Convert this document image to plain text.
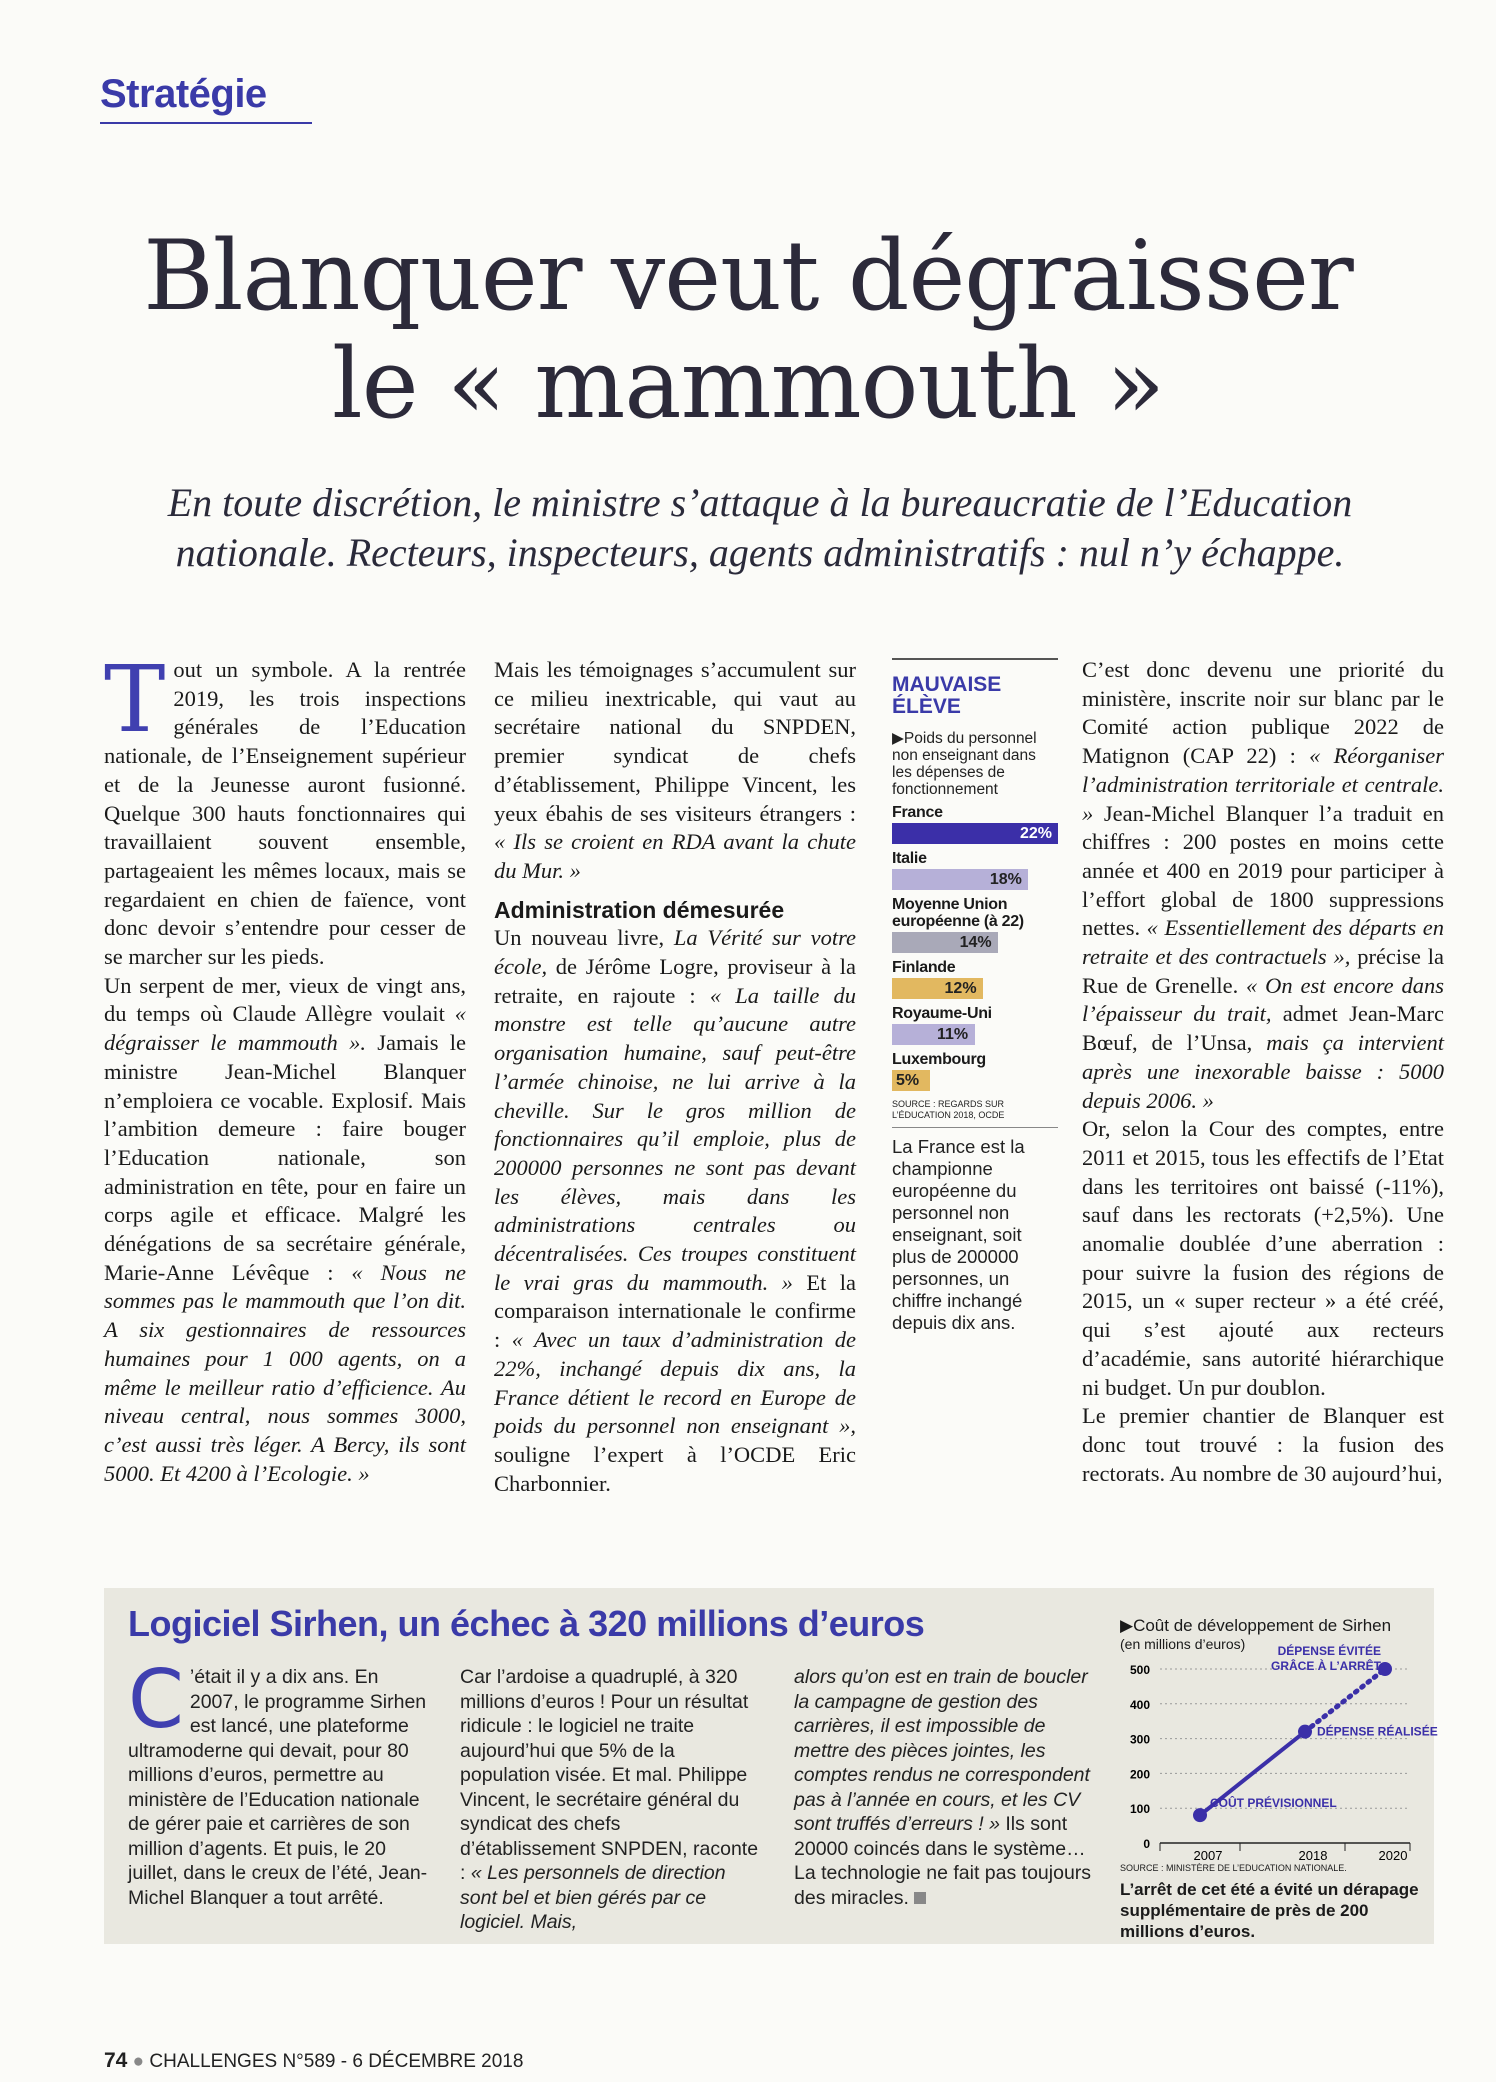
Stratégie
Blanquer veut dégraisser
le « mammouth »
En toute discrétion, le ministre s’attaque à la bureaucratie de l’Education nationale. Recteurs, inspecteurs, agents administratifs : nul n’y échappe.

T out un symbole. A la rentrée 2019, les trois inspections générales de l’Education nationale, de l’Enseignement supérieur et de la Jeunesse auront fusionné. Quelque 300 hauts fonctionnaires qui travaillaient souvent ensemble, partageaient les mêmes locaux, mais se regardaient en chien de faïence, vont donc devoir s’entendre pour cesser de se marcher sur les pieds.

Un serpent de mer, vieux de vingt ans, du temps où Claude Allègre voulait « dégraisser le mammouth ». Jamais le ministre Jean-Michel Blanquer n’emploiera ce vocable. Explosif. Mais l’ambition demeure : faire bouger l’Education nationale, son administration en tête, pour en faire un corps agile et efficace. Malgré les dénégations de sa secrétaire générale, Marie-Anne Lévêque : « Nous ne sommes pas le mammouth que l’on dit. A six gestionnaires de ressources humaines pour 1 000 agents, on a même le meilleur ratio d’efficience. Au niveau central, nous sommes 3000, c’est aussi très léger. A Bercy, ils sont 5000. Et 4200 à l’Ecologie. »

Mais les témoignages s’accumulent sur ce milieu inextricable, qui vaut au secrétaire national du SNPDEN, premier syndicat de chefs d’établissement, Philippe Vincent, les yeux ébahis de ses visiteurs étrangers : « Ils se croient en RDA avant la chute du Mur. »

Administration démesurée

Un nouveau livre, La Vérité sur votre école, de Jérôme Logre, proviseur à la retraite, en rajoute : « La taille du monstre est telle qu’aucune autre organisation humaine, sauf peut-être l’armée chinoise, ne lui arrive à la cheville. Sur le gros million de fonctionnaires qu’il emploie, plus de 200000 personnes ne sont pas devant les élèves, mais dans les administrations centrales ou décentralisées. Ces troupes constituent le vrai gras du mammouth. » Et la comparaison internationale le confirme : « Avec un taux d’administration de 22%, inchangé depuis dix ans, la France détient le record en Europe de poids du personnel non enseignant », souligne l’expert à l’OCDE Eric Charbonnier.

MAUVAISE ÉLÈVE
▶Poids du personnel non enseignant dans les dépenses de fonctionnement
France
22%
Italie
18%
Moyenne Union européenne (à 22)
14%
Finlande
12%
Royaume-Uni
11%
Luxembourg
5%
SOURCE : REGARDS SUR L’ÉDUCATION 2018, OCDE
La France est la championne européenne du personnel non enseignant, soit plus de 200000 personnes, un chiffre inchangé depuis dix ans.

C’est donc devenu une priorité du ministère, inscrite noir sur blanc par le Comité action publique 2022 de Matignon (CAP 22) : « Réorganiser l’administration territoriale et centrale. » Jean-Michel Blanquer l’a traduit en chiffres : 200 postes en moins cette année et 400 en 2019 pour participer à l’effort global de 1800 suppressions nettes. « Essentiellement des départs en retraite et des contractuels », précise la Rue de Grenelle. « On est encore dans l’épaisseur du trait, admet Jean-Marc Bœuf, de l’Unsa, mais ça intervient après une inexorable baisse : 5000 depuis 2006. »

Or, selon la Cour des comptes, entre 2011 et 2015, tous les effectifs de l’Etat dans les territoires ont baissé (-11%), sauf dans les rectorats (+2,5%). Une anomalie doublée d’une aberration : pour suivre la fusion des régions de 2015, un « super recteur » a été créé, qui s’est ajouté aux recteurs d’académie, sans autorité hiérarchique ni budget. Un pur doublon.

Le premier chantier de Blanquer est donc tout trouvé : la fusion des rectorats. Au nombre de 30 aujourd’hui,

Logiciel Sirhen, un échec à 320 millions d’euros

C ’était il y a dix ans. En 2007, le programme Sirhen est lancé, une plateforme ultramoderne qui devait, pour 80 millions d’euros, permettre au ministère de l’Education nationale de gérer paie et carrières de son million d’agents. Et puis, le 20 juillet, dans le creux de l’été, Jean-Michel Blanquer a tout arrêté.

Car l’ardoise a quadruplé, à 320 millions d’euros ! Pour un résultat ridicule : le logiciel ne traite aujourd’hui que 5% de la population visée. Et mal. Philippe Vincent, le secrétaire général du syndicat des chefs d’établissement SNPDEN, raconte : « Les personnels de direction sont bel et bien gérés par ce logiciel. Mais,

alors qu’on est en train de boucler la campagne de gestion des carrières, il est impossible de mettre des pièces jointes, les comptes rendus ne correspondent pas à l’année en cours, et les CV sont truffés d’erreurs ! » Ils sont 20000 coincés dans le système… La technologie ne fait pas toujours des miracles.

▶Coût de développement de Sirhen
(en millions d’euros)
0
100
200
300
400
500
2007	2018	2020
COÛT PRÉVISIONNEL
DÉPENSE RÉALISÉE
DÉPENSE ÉVITÉE
GRÂCE À L’ARRÊT
SOURCE : MINISTÈRE DE L’EDUCATION NATIONALE.
L’arrêt de cet été a évité un dérapage supplémentaire de près de 200 millions d’euros.
74 ● CHALLENGES N°589 - 6 DÉCEMBRE 2018
